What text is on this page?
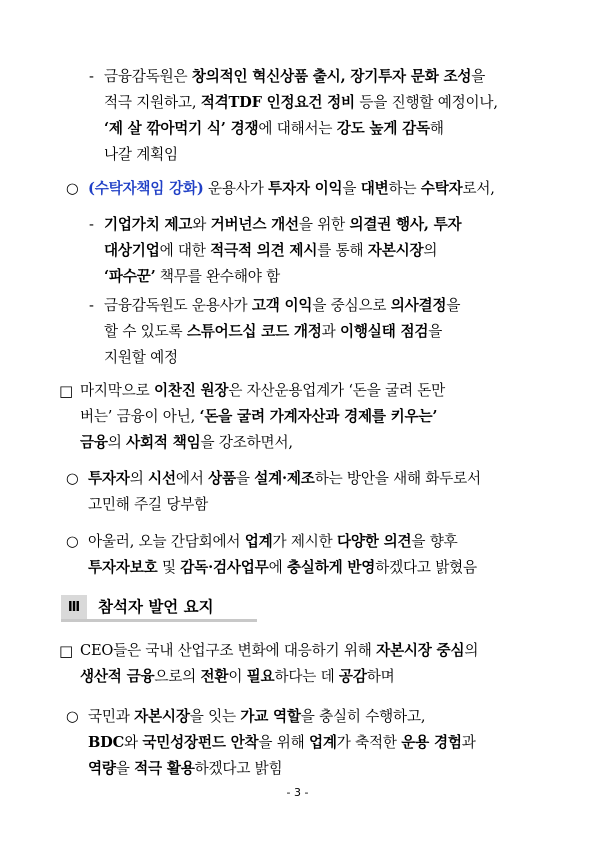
- 금융감독원은 창의적인 혁신상품 출시, 장기투자 문화 조성을
적극 지원하고, 적격TDF 인정요건 정비 등을 진행할 예정이나,
‘제 살 깎아먹기 식’ 경쟁에 대해서는 강도 높게 감독해
나갈 계획임
○ (수탁자책임 강화) 운용사가 투자자 이익을 대변하는 수탁자로서,
- 기업가치 제고와 거버넌스 개선을 위한 의결권 행사, 투자
대상기업에 대한 적극적 의견 제시를 통해 자본시장의
‘파수꾼’ 책무를 완수해야 함
- 금융감독원도 운용사가 고객 이익을 중심으로 의사결정을
할 수 있도록 스튜어드십 코드 개정과 이행실태 점검을
지원할 예정
□ 마지막으로 이찬진 원장은 자산운용업계가 ‘돈을 굴려 돈만
버는’ 금융이 아닌, ‘돈을 굴려 가계자산과 경제를 키우는’
금융의 사회적 책임을 강조하면서,
○ 투자자의 시선에서 상품을 설계·제조하는 방안을 새해 화두로서
고민해 주길 당부함
○ 아울러, 오늘 간담회에서 업계가 제시한 다양한 의견을 향후
투자자보호 및 감독·검사업무에 충실하게 반영하겠다고 밝혔음
Ⅲ	참석자 발언 요지
□ CEO들은 국내 산업구조 변화에 대응하기 위해 자본시장 중심의
생산적 금융으로의 전환이 필요하다는 데 공감하며
○ 국민과 자본시장을 잇는 가교 역할을 충실히 수행하고,
BDC와 국민성장펀드 안착을 위해 업계가 축적한 운용 경험과
역량을 적극 활용하겠다고 밝힘
- 3 -
